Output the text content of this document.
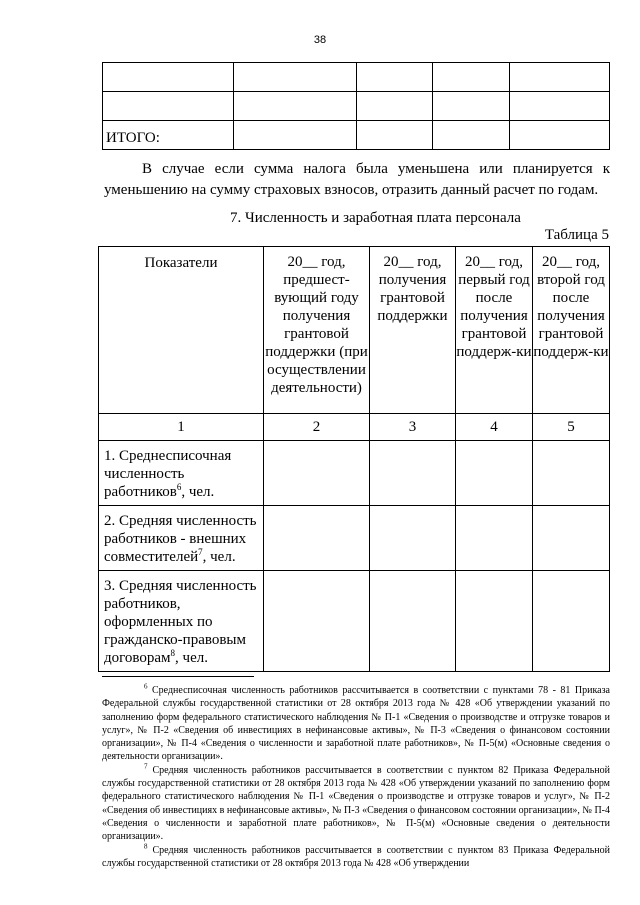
38

ИТОГО:				

В случае если сумма налога была уменьшена или планируется к уменьшению на сумму страховых взносов, отразить данный расчет по годам.

7. Численность и заработная плата персонала
Таблица 5
Показатели	20__ год, предшест-вующий году получения грантовой поддержки (при осуществлении деятельности)	20__ год, получения грантовой поддержки	20__ год, первый год после получения грантовой поддерж-ки	20__ год, второй год после получения грантовой поддерж-ки
1	2	3	4	5
1. Среднесписочная численность работников$^6$, чел.				
2. Средняя численность работников - внешних совместителей$^7$, чел.				
3. Средняя численность работников, оформленных по гражданско-правовым договорам$^8$, чел.				

$^6$ Среднесписочная численность работников рассчитывается в соответствии с пунктами 78 - 81 Приказа Федеральной службы государственной статистики от 28 октября 2013 года № 428 «Об утверждении указаний по заполнению форм федерального статистического наблюдения № П-1 «Сведения о производстве и отгрузке товаров и услуг», № П-2 «Сведения об инвестициях в нефинансовые активы», № П-3 «Сведения о финансовом состоянии организации», № П-4 «Сведения о численности и заработной плате работников», № П-5(м) «Основные сведения о деятельности организации».

$^7$ Средняя численность работников рассчитывается в соответствии с пунктом 82 Приказа Федеральной службы государственной статистики от 28 октября 2013 года № 428 «Об утверждении указаний по заполнению форм федерального статистического наблюдения № П-1 «Сведения о производстве и отгрузке товаров и услуг», № П-2 «Сведения об инвестициях в нефинансовые активы», № П-3 «Сведения о финансовом состоянии организации», № П-4 «Сведения о численности и заработной плате работников», № П-5(м) «Основные сведения о деятельности организации».

$^8$ Средняя численность работников рассчитывается в соответствии с пунктом 83 Приказа Федеральной службы государственной статистики от 28 октября 2013 года № 428 «Об утверждении
